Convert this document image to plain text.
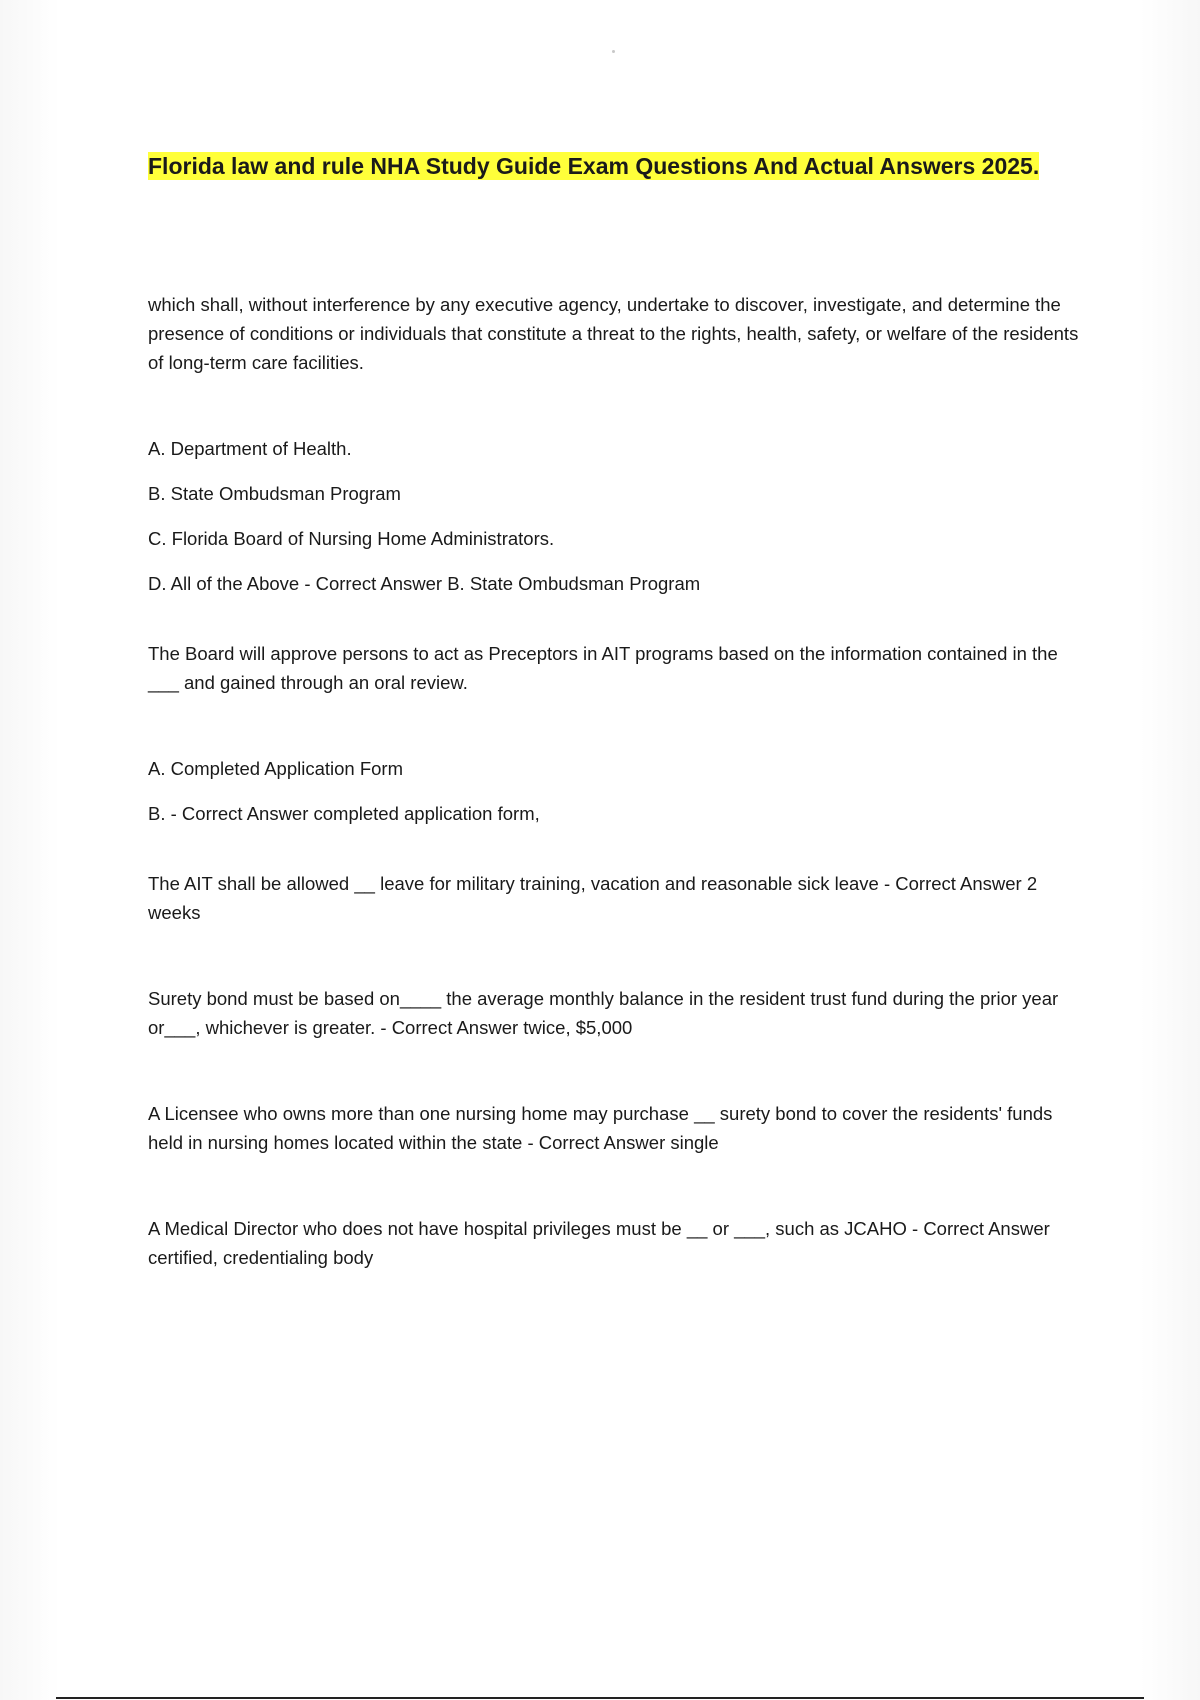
Florida law and rule NHA Study Guide Exam Questions And Actual Answers 2025.

which shall, without interference by any executive agency, undertake to discover, investigate, and determine the presence of conditions or individuals that constitute a threat to the rights, health, safety, or welfare of the residents of long-term care facilities.

A. Department of Health.

B. State Ombudsman Program

C. Florida Board of Nursing Home Administrators.

D. All of the Above - Correct Answer B. State Ombudsman Program

The Board will approve persons to act as Preceptors in AIT programs based on the information contained in the ___ and gained through an oral review.

A. Completed Application Form

B. - Correct Answer completed application form,

The AIT shall be allowed __ leave for military training, vacation and reasonable sick leave - Correct Answer 2 weeks

Surety bond must be based on____ the average monthly balance in the resident trust fund during the prior year or___, whichever is greater. - Correct Answer twice, $5,000

A Licensee who owns more than one nursing home may purchase __ surety bond to cover the residents' funds held in nursing homes located within the state - Correct Answer single

A Medical Director who does not have hospital privileges must be __ or ___, such as JCAHO - Correct Answer certified, credentialing body
